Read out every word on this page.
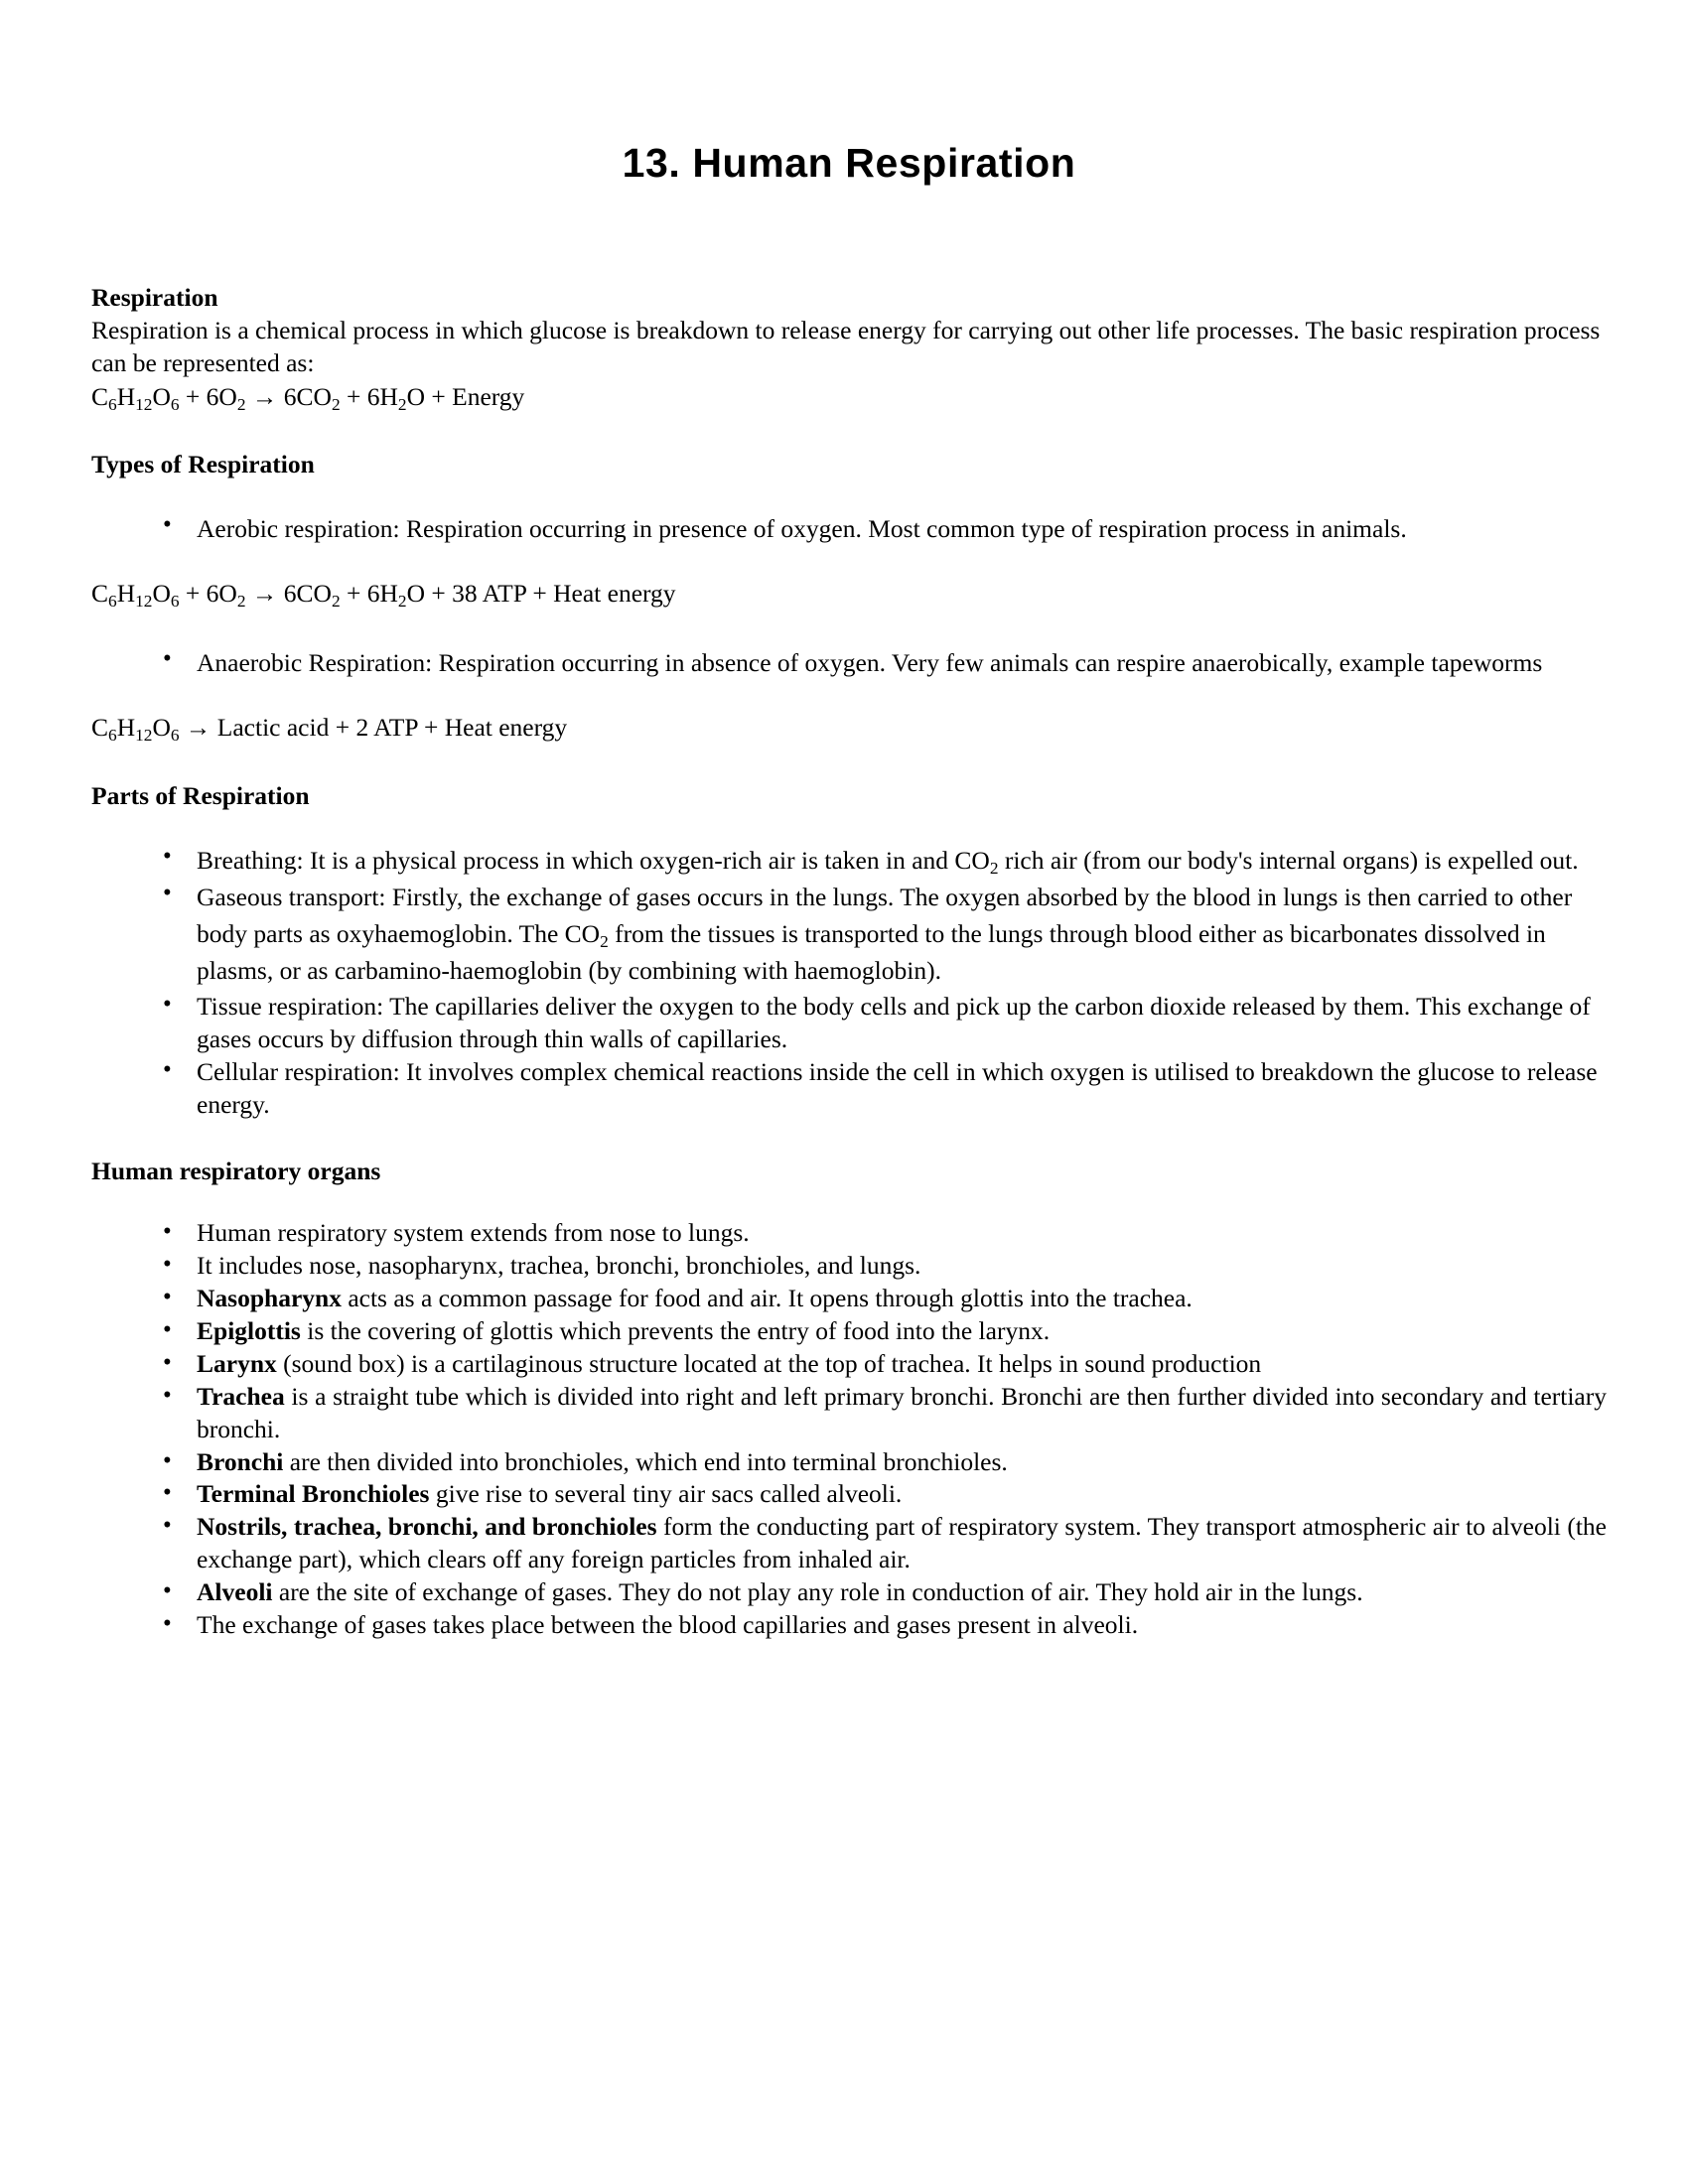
13. Human Respiration
Respiration
Respiration is a chemical process in which glucose is breakdown to release energy for carrying out other life processes. The basic respiration process can be represented as:
$C_6H_{12}O_6 + 6O_2 \to 6CO_2 + 6H_2O$ + Energy
Types of Respiration
• Aerobic respiration: Respiration occurring in presence of oxygen. Most common type of respiration process in animals.
$C_6H_{12}O_6 + 6O_2 \to 6CO_2 + 6H_2O + 38$ ATP + Heat energy
• Anaerobic Respiration: Respiration occurring in absence of oxygen. Very few animals can respire anaerobically, example tapeworms
$C_6H_{12}O_6$ → Lactic acid + 2 ATP + Heat energy
Parts of Respiration
• Breathing: It is a physical process in which oxygen-rich air is taken in and $CO_2$ rich air (from our body's internal organs) is expelled out.
• Gaseous transport: Firstly, the exchange of gases occurs in the lungs. The oxygen absorbed by the blood in lungs is then carried to other body parts as oxyhaemoglobin. The $CO_2$ from the tissues is transported to the lungs through blood either as bicarbonates dissolved in plasms, or as carbamino-haemoglobin (by combining with haemoglobin).
• Tissue respiration: The capillaries deliver the oxygen to the body cells and pick up the carbon dioxide released by them. This exchange of gases occurs by diffusion through thin walls of capillaries.
• Cellular respiration: It involves complex chemical reactions inside the cell in which oxygen is utilised to breakdown the glucose to release energy.
Human respiratory organs
• Human respiratory system extends from nose to lungs.
• It includes nose, nasopharynx, trachea, bronchi, bronchioles, and lungs.
• Nasopharynx acts as a common passage for food and air. It opens through glottis into the trachea.
• Epiglottis is the covering of glottis which prevents the entry of food into the larynx.
• Larynx (sound box) is a cartilaginous structure located at the top of trachea. It helps in sound production
• Trachea is a straight tube which is divided into right and left primary bronchi. Bronchi are then further divided into secondary and tertiary bronchi.
• Bronchi are then divided into bronchioles, which end into terminal bronchioles.
• Terminal Bronchioles give rise to several tiny air sacs called alveoli.
• Nostrils, trachea, bronchi, and bronchioles form the conducting part of respiratory system. They transport atmospheric air to alveoli (the exchange part), which clears off any foreign particles from inhaled air.
• Alveoli are the site of exchange of gases. They do not play any role in conduction of air. They hold air in the lungs.
• The exchange of gases takes place between the blood capillaries and gases present in alveoli.
